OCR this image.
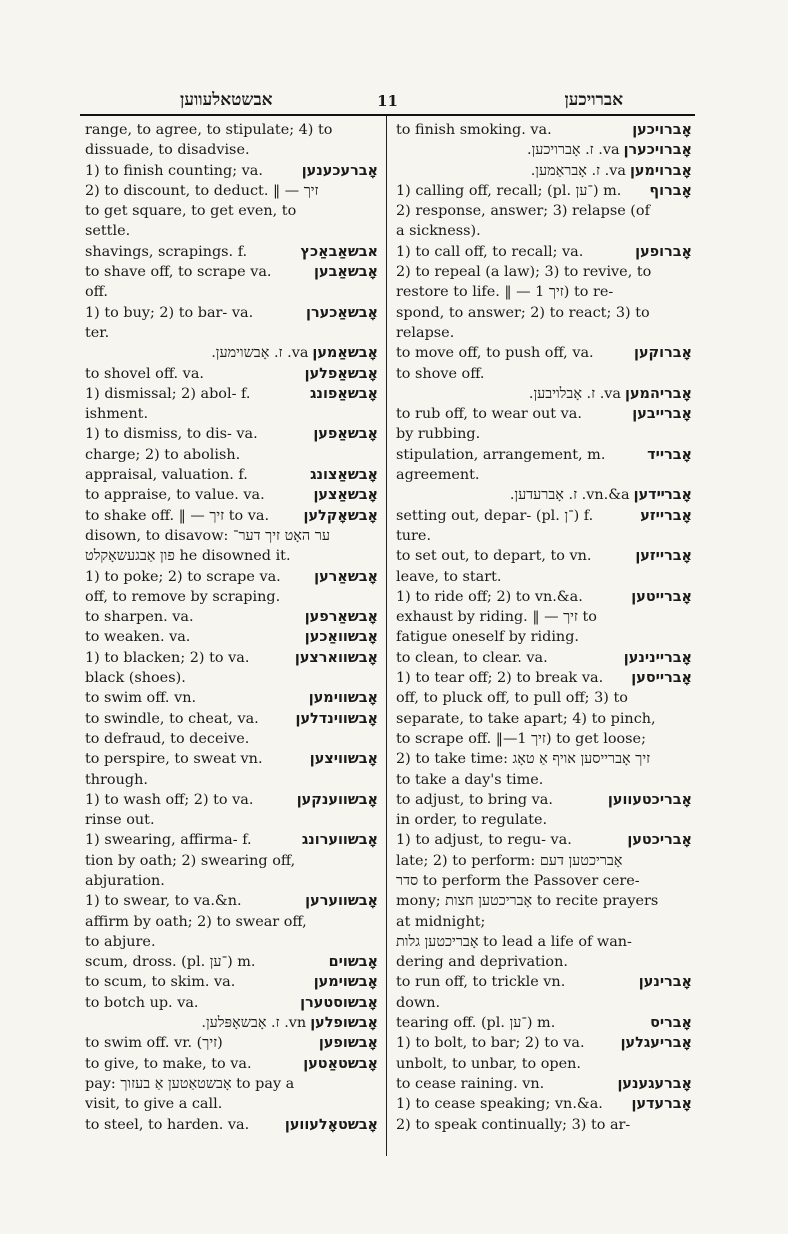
אבשטאלעווען	11	אברויכען
range, to agree, to stipulate; 4) to
dissuade, to disadvise.
1) to finish counting; va.	אָברעכענען
2) to discount, to deduct. ‖ — זיך
to get square, to get even, to
settle.
shavings, scrapings. f.	אבשאַבאַכץ
to shave off, to scrape va.	אָבשאַבען
off.
1) to buy; 2) to bar- va.	אָבשאַכערן
ter.
va. ז. אָבשוימען. אָבשאַמען
to shovel off. va.	אָבשאַפלען
1) dismissal; 2) abol- f.	אָבשאַפונג
ishment.
1) to dismiss, to dis- va.	אָבשאַפען
charge; 2) to abolish.
appraisal, valuation. f.	אָבשאַצונג
to appraise, to value. va.	אָבשאַצען
to shake off. ‖ — זיך to va. אָבשאָקלען
disown, to disavow: ער האָט זיך דער־
פון אַבגעשאָקלט he disowned it.
1) to poke; 2) to scrape va. אָבשאַרען
off, to remove by scraping.
to sharpen. va.	אָבשאַרפען
to weaken. va.	אָבשוואַכען
1) to blacken; 2) to va.	אָבשווארצען
black (shoes).
to swim off. vn.	אָבשווימען
to swindle, to cheat, va.	אָבשווינדלען
to defraud, to deceive.
to perspire, to sweat vn.	אָבשוויצען
through.
1) to wash off; 2) to va.	אָבשווענקען
rinse out.
1) swearing, affirma- f.	אָבשווערונג
tion by oath; 2) swearing off,
abjuration.
1) to swear, to va.&n.	אָבשווערען
affirm by oath; 2) to swear off,
to abjure.
scum, dross. (pl. ־ען) m.	אָבשוים
to scum, to skim. va.	אָבשוימען
to botch up. va.	אָבשוסטערן
vn. ז. אָבשאָפּלען. אָבשופלען
to swim off. vr. (זיך)	אָבשופען
to give, to make, to va.	אָבשטאַטען
pay: אָבשטאַטען אַ בעזוך to pay a
visit, to give a call.
to steel, to harden. va. אָבשטאָלעווען
to finish smoking. va.	אָברויכען
va. ז. אָברויכען. אָברויכערן
va. ז. אָבראַמען. אָברוימען
1) calling off, recall; (pl. ־ען) m. אָברוף
2) response, answer; 3) relapse (of
a sickness).
1) to call off, to recall; va.	אָברופען
2) to repeal (a law); 3) to revive, to
restore to life. ‖ — זיך 1) to re-
spond, to answer; 2) to react; 3) to
relapse.
to move off, to push off, va.	אָברוקען
to shove off.
va. ז. אָבלויבען. אָבריהמען
to rub off, to wear out va.	אָברייבען
by rubbing.
stipulation, arrangement, m.	אָברייד
agreement.
vn.&a. ז. אָברעדען. אָברײדען
setting out, depar- (pl. ־ן) f.	אָברייזע
ture.
to set out, to depart, to vn.	אָברייזען
leave, to start.
1) to ride off; 2) to vn.&a.	אָברייטען
exhaust by riding. ‖ — זיך to
fatigue oneself by riding.
to clean, to clear. va.	אָבריינינען
1) to tear off; 2) to break va. אָברייסען
off, to pluck off, to pull off; 3) to
separate, to take apart; 4) to pinch,
to scrape off. ‖—זיך 1) to get loose;
2) to take time: זיך אָברייסען אויף אַ טאָג
to take a day's time.
to adjust, to bring va.	אָבריכטעווען
in order, to regulate.
1) to adjust, to regu- va.	אָבריכטען
late; 2) to perform: אָבריכטען דעם
סדר to perform the Passover cere-
mony; אָבריכטען חצות to recite prayers
at midnight;
אָבריכטען גלות to lead a life of wan-
dering and deprivation.
to run off, to trickle vn.	אָברינען
down.
tearing off. (pl. ־ען) m.	אָבריס
1) to bolt, to bar; 2) to va.	אָבריעגלען
unbolt, to unbar, to open.
to cease raining. vn.	אָברעגענען
1) to cease speaking; vn.&a. אָברעדען
2) to speak continually; 3) to ar-
